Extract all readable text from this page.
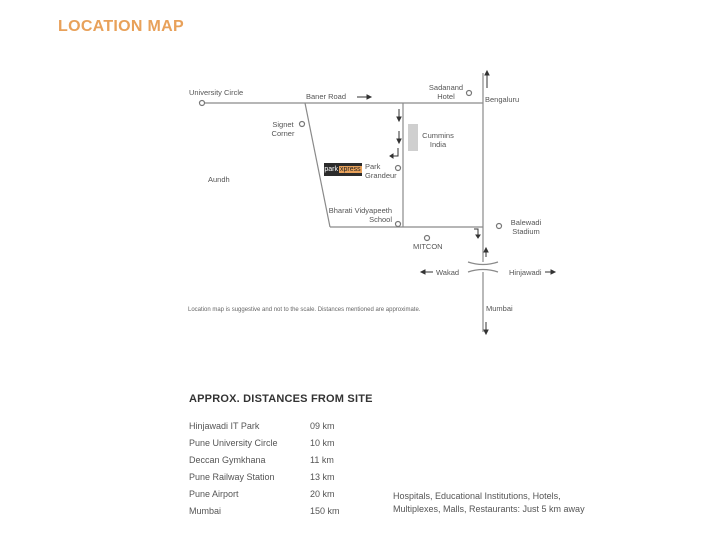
LOCATION MAP
University Circle	Baner Road
Sadanand
Hotel	Bengaluru
Signet
Corner	Cummins
India
Aundh
park xpress Park
Grandeur
Bharati Vidyapeeth
School	Balewadi
Stadium
MITCON
Wakad	Hinjawadi
Mumbai
Location map is suggestive and not to the scale. Distances mentioned are approximate.
APPROX. DISTANCES FROM SITE
Hinjawadi IT Park	09 km
Pune University Circle	10 km
Deccan Gymkhana	11 km
Pune Railway Station	13 km
Pune Airport	20 km
Mumbai	150 km
Hospitals, Educational Institutions, Hotels,
Multiplexes, Malls, Restaurants: Just 5 km away
